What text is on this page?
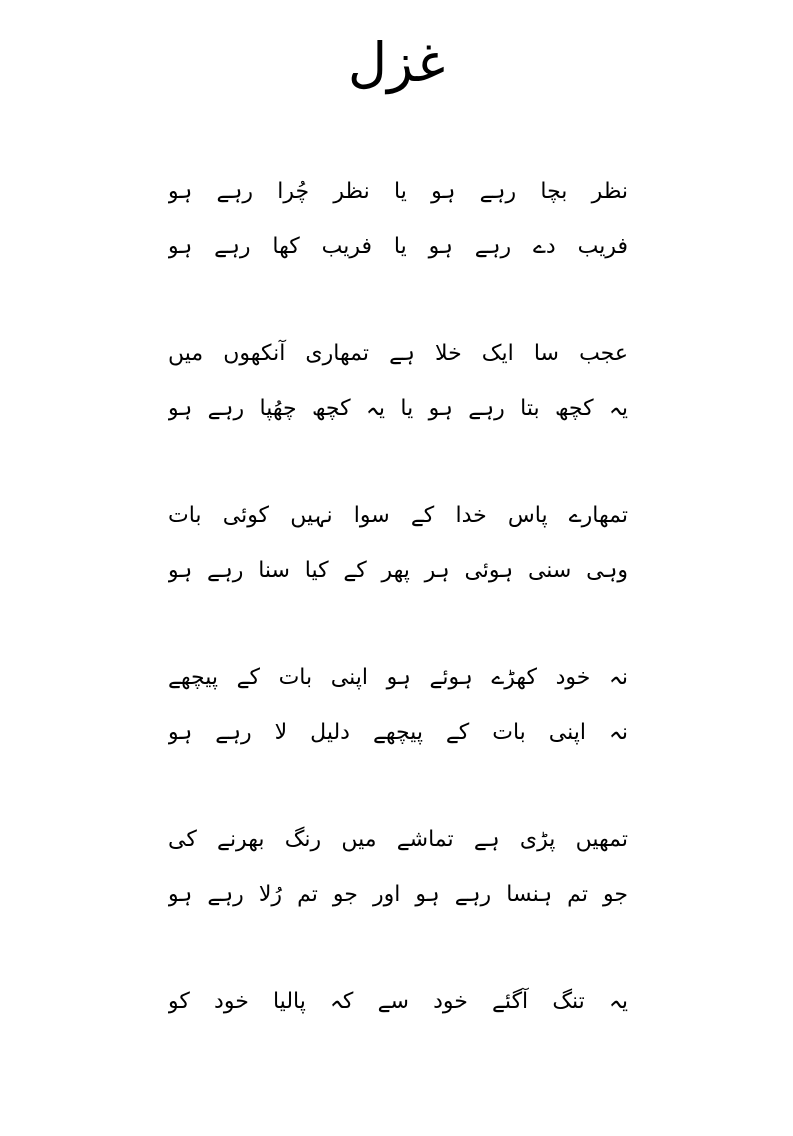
غزل
نظر بچا رہے ہو یا نظر چُرا رہے ہو
فریب دے رہے ہو یا فریب کھا رہے ہو
عجب سا ایک خلا ہے تمھاری آنکھوں میں
یہ کچھ بتا رہے ہو یا یہ کچھ چھُپا رہے ہو
تمھارے پاس خدا کے سوا نہیں کوئی بات
وہی سنی ہوئی ہر پھر کے کیا سنا رہے ہو
نہ خود کھڑے ہوئے ہو اپنی بات کے پیچھے
نہ اپنی بات کے پیچھے دلیل لا رہے ہو
تمھیں پڑی ہے تماشے میں رنگ بھرنے کی
جو تم ہنسا رہے ہو اور جو تم رُلا رہے ہو
یہ تنگ آگئے خود سے کہ پالیا خود کو
